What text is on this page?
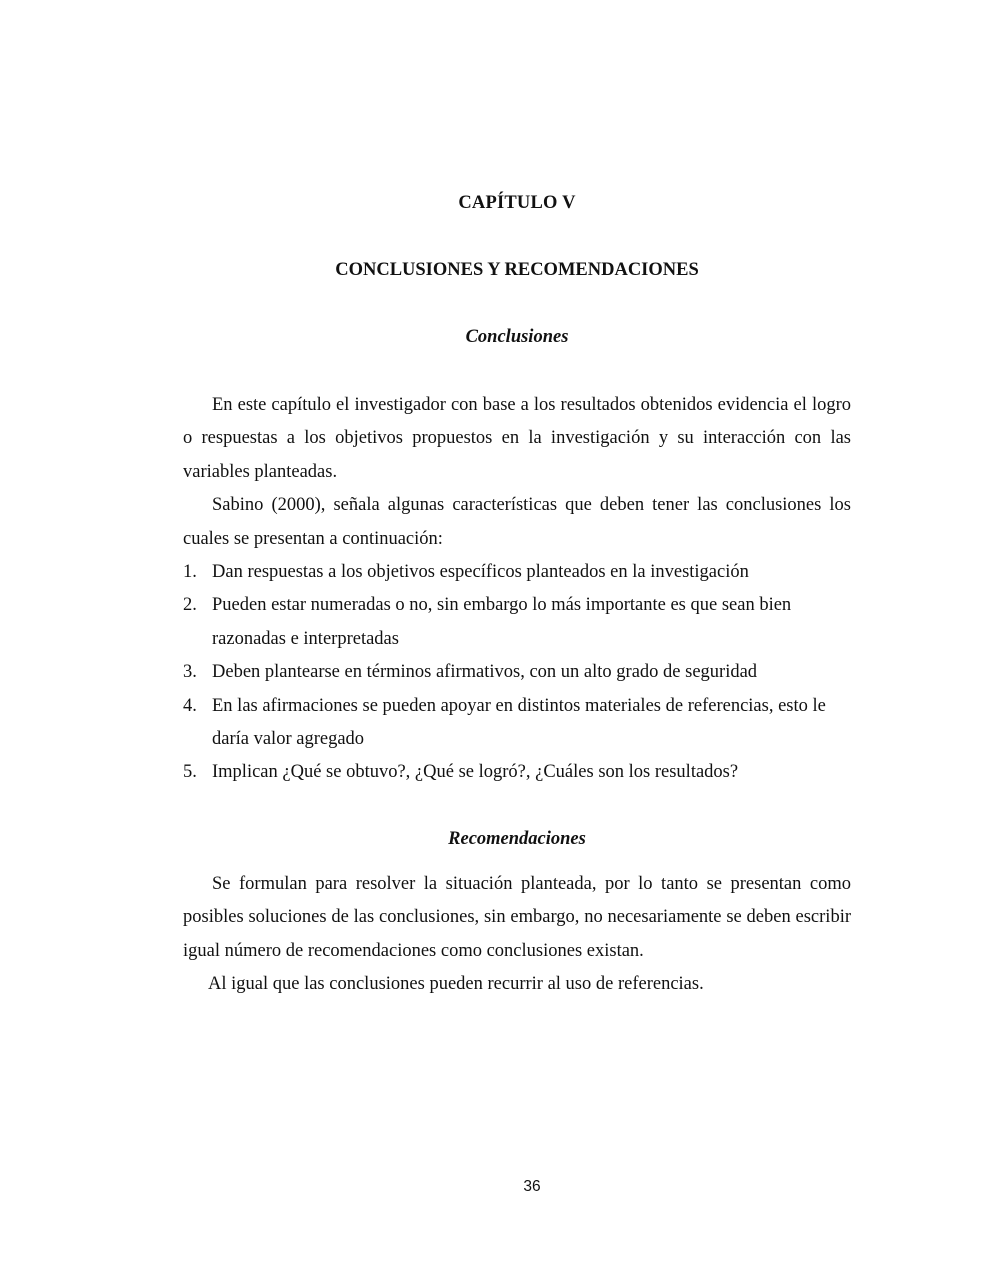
CAPÍTULO V
CONCLUSIONES Y RECOMENDACIONES
Conclusiones

En este capítulo el investigador con base a los resultados obtenidos evidencia el logro o respuestas a los objetivos propuestos en la investigación y su interacción con las variables planteadas.

Sabino (2000), señala algunas características que deben tener las conclusiones los cuales se presentan a continuación:

1. Dan respuestas a los objetivos específicos planteados en la investigación
2. Pueden estar numeradas o no, sin embargo lo más importante es que sean bien razonadas e interpretadas
3. Deben plantearse en términos afirmativos, con un alto grado de seguridad
4. En las afirmaciones se pueden apoyar en distintos materiales de referencias, esto le daría valor agregado
5. Implican ¿Qué se obtuvo?, ¿Qué se logró?, ¿Cuáles son los resultados?
Recomendaciones

Se formulan para resolver la situación planteada, por lo tanto se presentan como posibles soluciones de las conclusiones, sin embargo, no necesariamente se deben escribir igual número de recomendaciones como conclusiones existan.

Al igual que las conclusiones pueden recurrir al uso de referencias.

36
